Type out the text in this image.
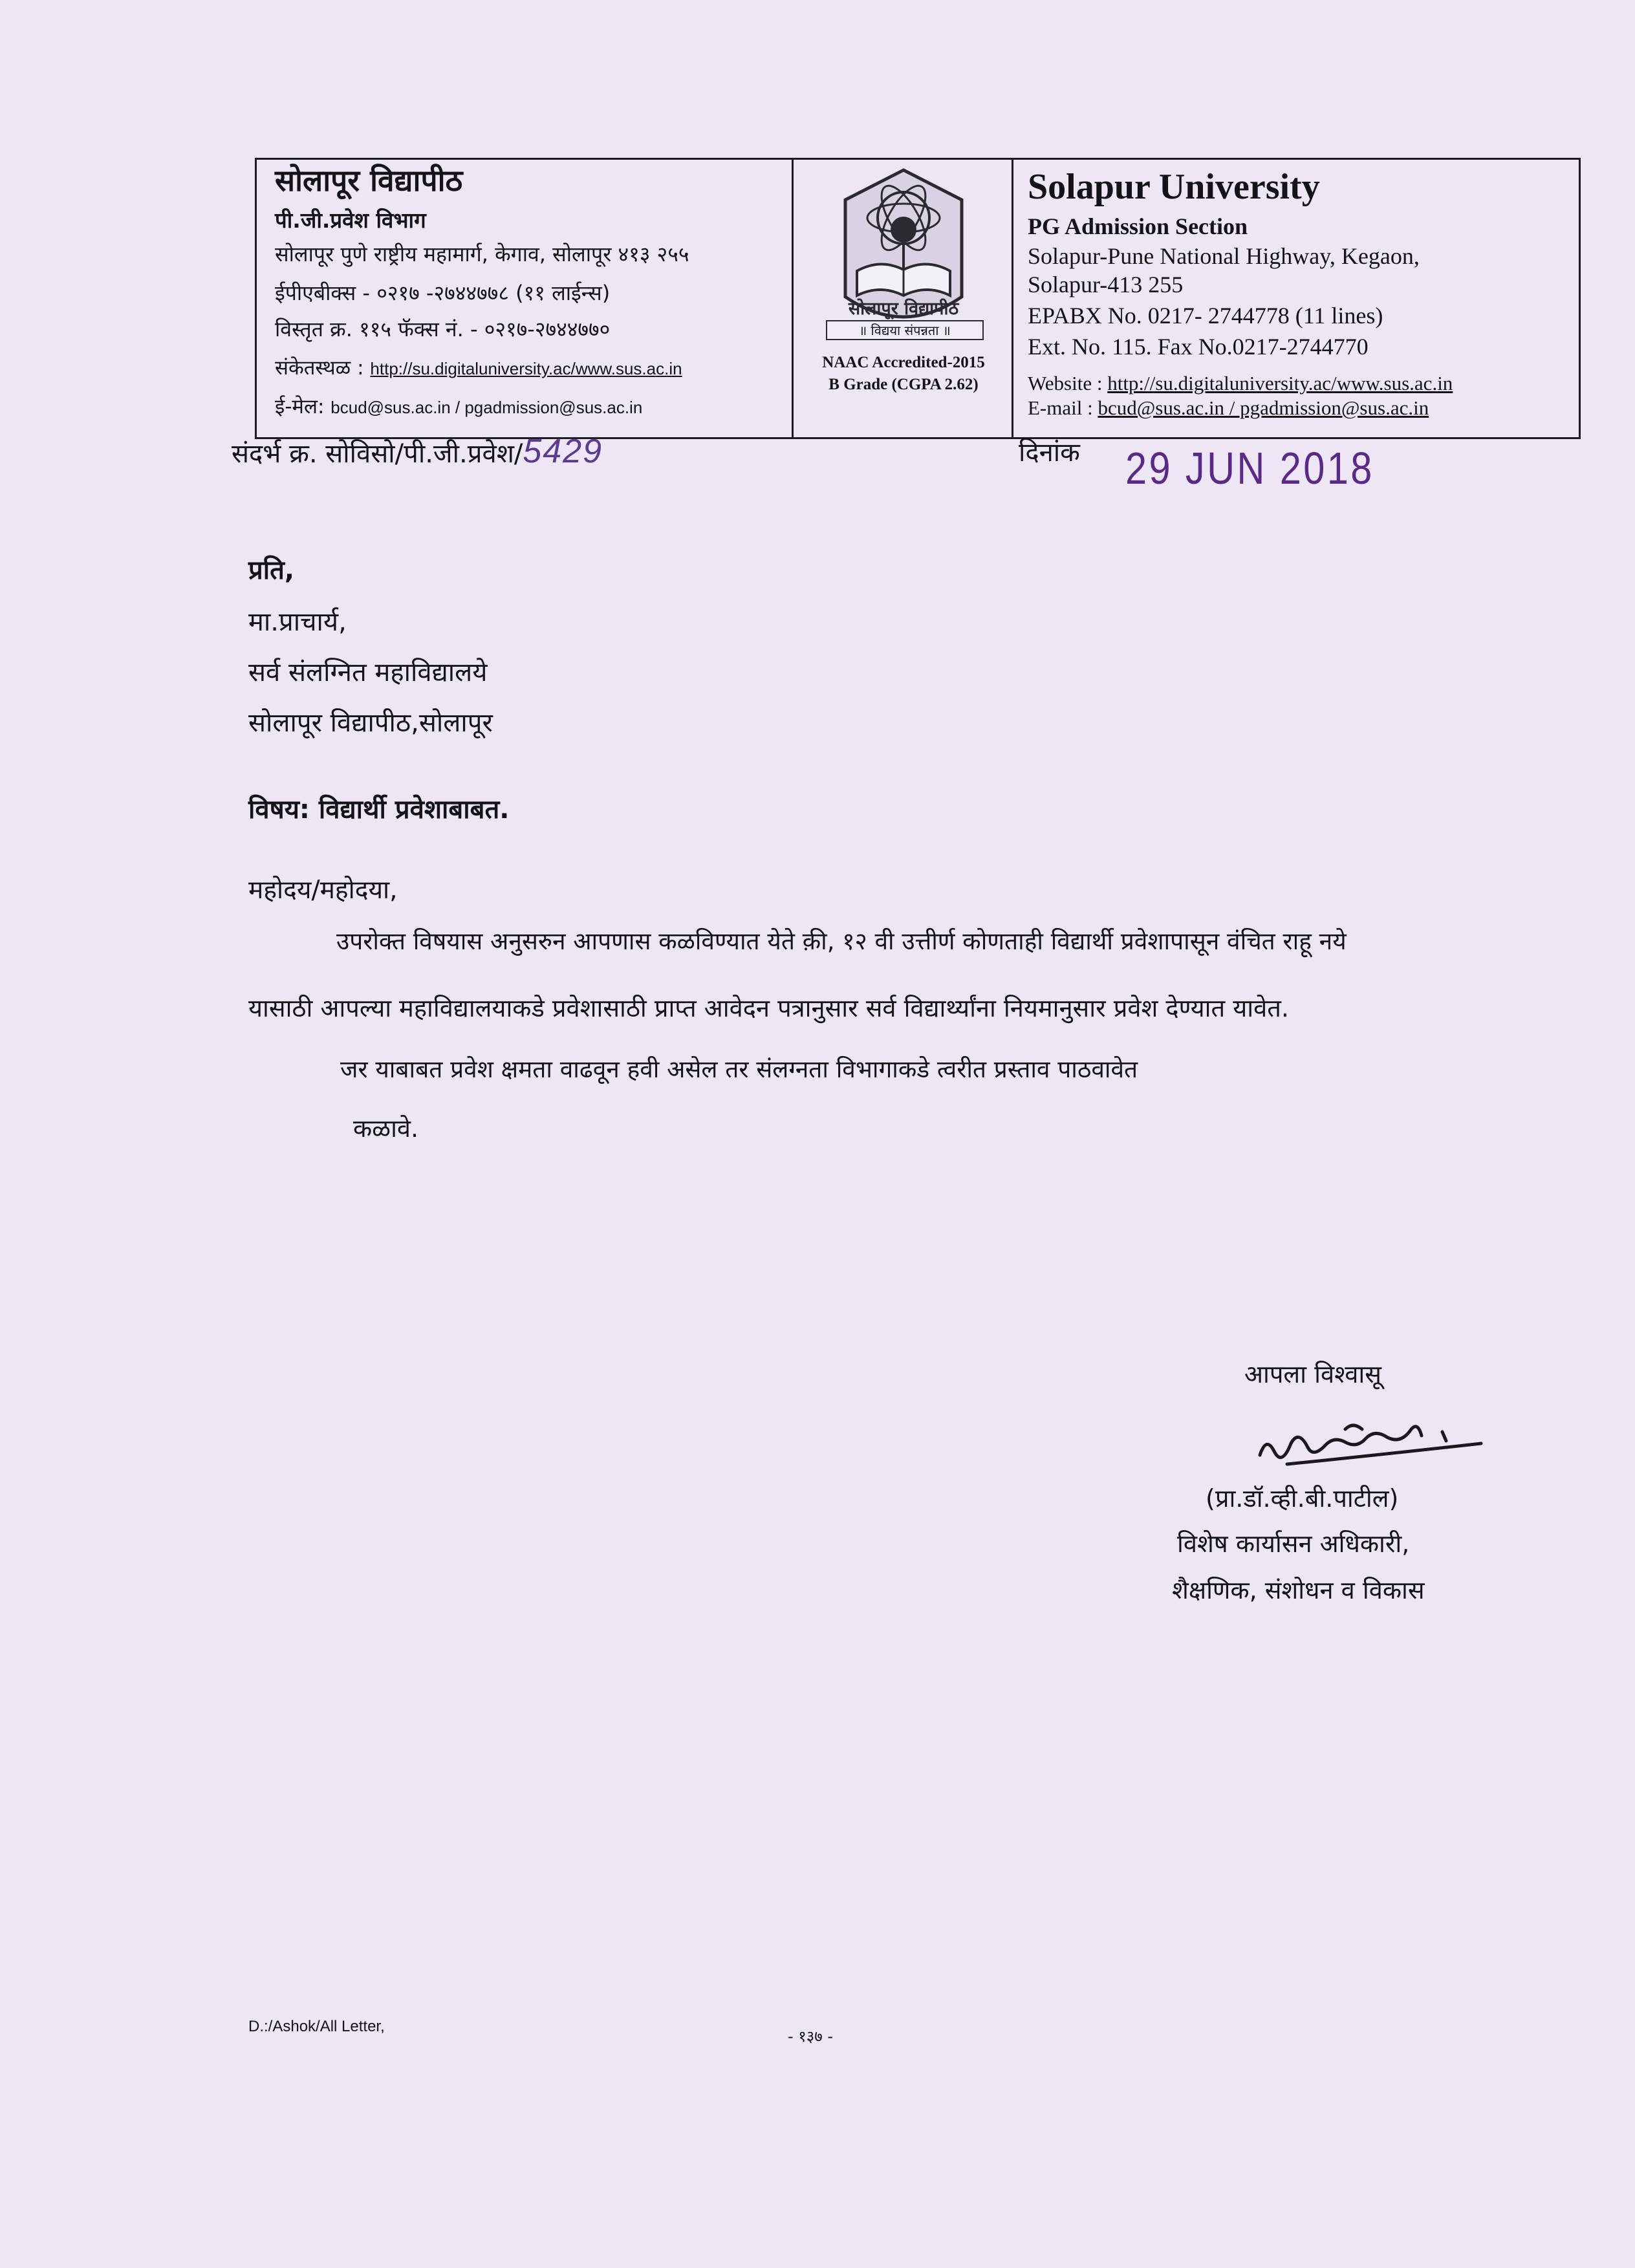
सोलापूर विद्यापीठ
पी.जी.प्रवेश विभाग
सोलापूर पुणे राष्ट्रीय महामार्ग, केगाव, सोलापूर ४१३ २५५
ईपीएबीक्स - ०२१७ -२७४४७७८ (११ लाईन्स)
विस्तृत क्र. ११५ फॅक्स नं. - ०२१७-२७४४७७०
संकेतस्थळ : http://su.digitaluniversity.ac/www.sus.ac.in
ई-मेल: bcud@sus.ac.in / pgadmission@sus.ac.in
सोलापूर विद्यापीठ
॥ विद्यया संपन्नता ॥
NAAC Accredited-2015
B Grade (CGPA 2.62)
Solapur University
PG Admission Section
Solapur-Pune National Highway, Kegaon,
Solapur-413 255
EPABX No. 0217- 2744778 (11 lines)
Ext. No. 115. Fax No.0217-2744770
Website : http://su.digitaluniversity.ac/www.sus.ac.in
E-mail : bcud@sus.ac.in / pgadmission@sus.ac.in
संदर्भ क्र. सोविसो/पी.जी.प्रवेश/5429	दिनांक 29 JUN 2018
प्रति,
मा.प्राचार्य,
सर्व संलग्नित महाविद्यालये
सोलापूर विद्यापीठ,सोलापूर
विषय: विद्यार्थी प्रवेशाबाबत.
महोदय/महोदया,
उपरोक्त विषयास अनुसरुन आपणास कळविण्यात येते क़ी, १२ वी उत्तीर्ण कोणताही विद्यार्थी प्रवेशापासून वंचित राहू नये
यासाठी आपल्या महाविद्यालयाकडे प्रवेशासाठी प्राप्त आवेदन पत्रानुसार सर्व विद्यार्थ्यांना नियमानुसार प्रवेश देण्यात यावेत.
जर याबाबत प्रवेश क्षमता वाढवून हवी असेल तर संलग्नता विभागाकडे त्वरीत प्रस्ताव पाठवावेत
कळावे.
आपला विश्वासू
(प्रा.डॉ.व्ही.बी.पाटील)
विशेष कार्यासन अधिकारी,
शैक्षणिक, संशोधन व विकास
D.:/Ashok/All Letter,
- १३७ -
